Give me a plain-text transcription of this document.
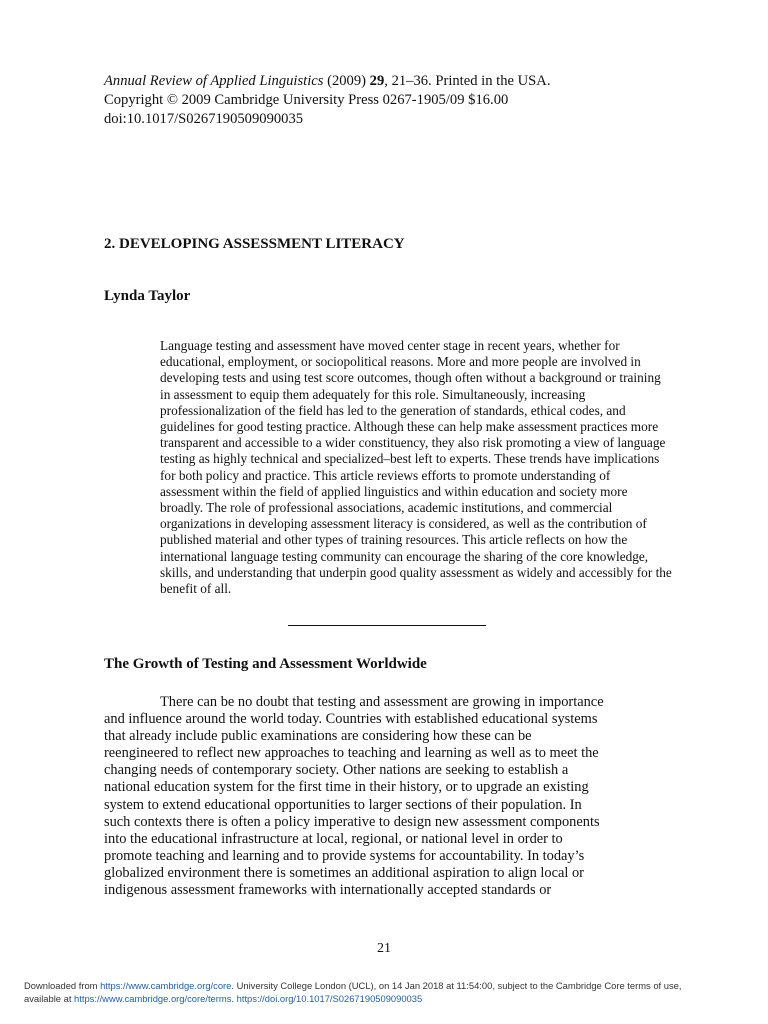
Annual Review of Applied Linguistics (2009) 29, 21–36. Printed in the USA.
Copyright © 2009 Cambridge University Press 0267-1905/09 $16.00
doi:10.1017/S0267190509090035
2. DEVELOPING ASSESSMENT LITERACY
Lynda Taylor
Language testing and assessment have moved center stage in recent years, whether for educational, employment, or sociopolitical reasons. More and more people are involved in developing tests and using test score outcomes, though often without a background or training in assessment to equip them adequately for this role. Simultaneously, increasing professionalization of the field has led to the generation of standards, ethical codes, and guidelines for good testing practice. Although these can help make assessment practices more transparent and accessible to a wider constituency, they also risk promoting a view of language testing as highly technical and specialized–best left to experts. These trends have implications for both policy and practice. This article reviews efforts to promote understanding of assessment within the field of applied linguistics and within education and society more broadly. The role of professional associations, academic institutions, and commercial organizations in developing assessment literacy is considered, as well as the contribution of published material and other types of training resources. This article reflects on how the international language testing community can encourage the sharing of the core knowledge, skills, and understanding that underpin good quality assessment as widely and accessibly for the benefit of all.
The Growth of Testing and Assessment Worldwide
There can be no doubt that testing and assessment are growing in importance
and influence around the world today. Countries with established educational systems
that already include public examinations are considering how these can be
reengineered to reflect new approaches to teaching and learning as well as to meet the
changing needs of contemporary society. Other nations are seeking to establish a
national education system for the first time in their history, or to upgrade an existing
system to extend educational opportunities to larger sections of their population. In
such contexts there is often a policy imperative to design new assessment components
into the educational infrastructure at local, regional, or national level in order to
promote teaching and learning and to provide systems for accountability. In today’s
globalized environment there is sometimes an additional aspiration to align local or
indigenous assessment frameworks with internationally accepted standards or
21
Downloaded from https://www.cambridge.org/core. University College London (UCL), on 14 Jan 2018 at 11:54:00, subject to the Cambridge Core terms of use,
available at https://www.cambridge.org/core/terms. https://doi.org/10.1017/S0267190509090035
